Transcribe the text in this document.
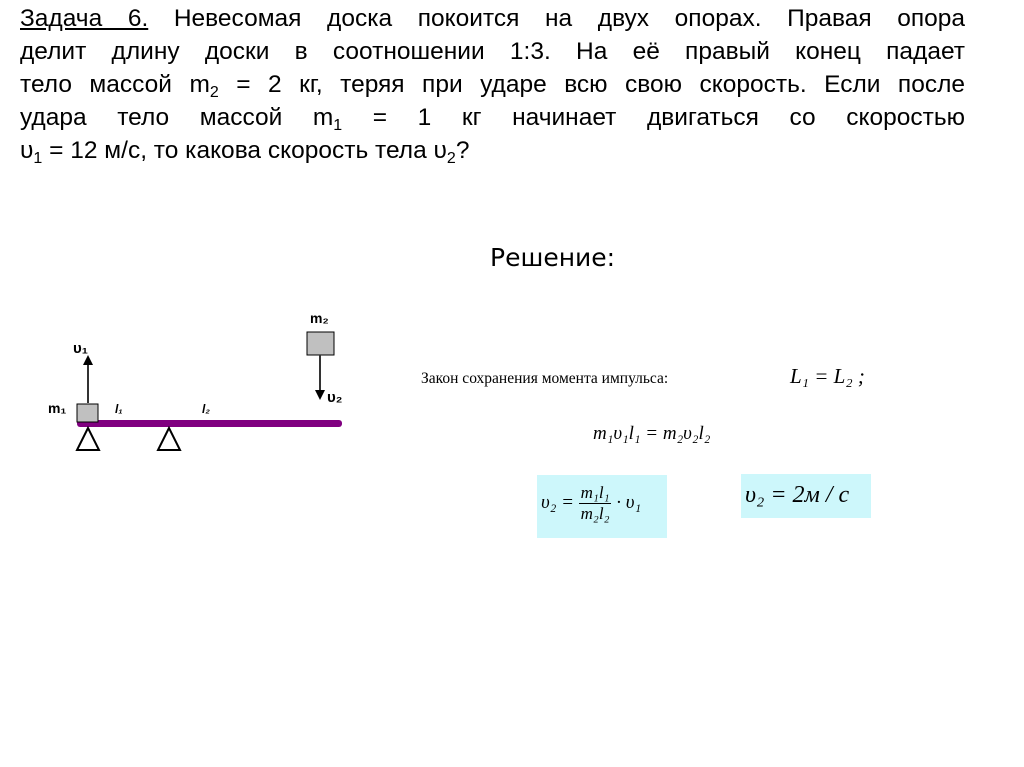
Задача 6. Невесомая доска покоится на двух опорах. Правая опора
делит длину доски в соотношении 1:3. На её правый конец падает
тело массой $m_2 = 2$ кг, теряя при ударе всю свою скорость. Если после
удара тело массой $m_1 = 1$ кг начинает двигаться со скоростью
$\upsilon_1 = 12$ м/с, то какова скорость тела $\upsilon_2$?
Решение:
υ₁
υ₂
m₁
m₂
l₁	l₂
Закон сохранения момента импульса:	L₁ = L₂ ;
m₁υ₁l₁ = m₂υ₂l₂
$\upsilon_2 = \frac{\text{m₁l₁}}{\text{m₂l₂}} \cdot \upsilon_1$	υ₂ = 2м / с
